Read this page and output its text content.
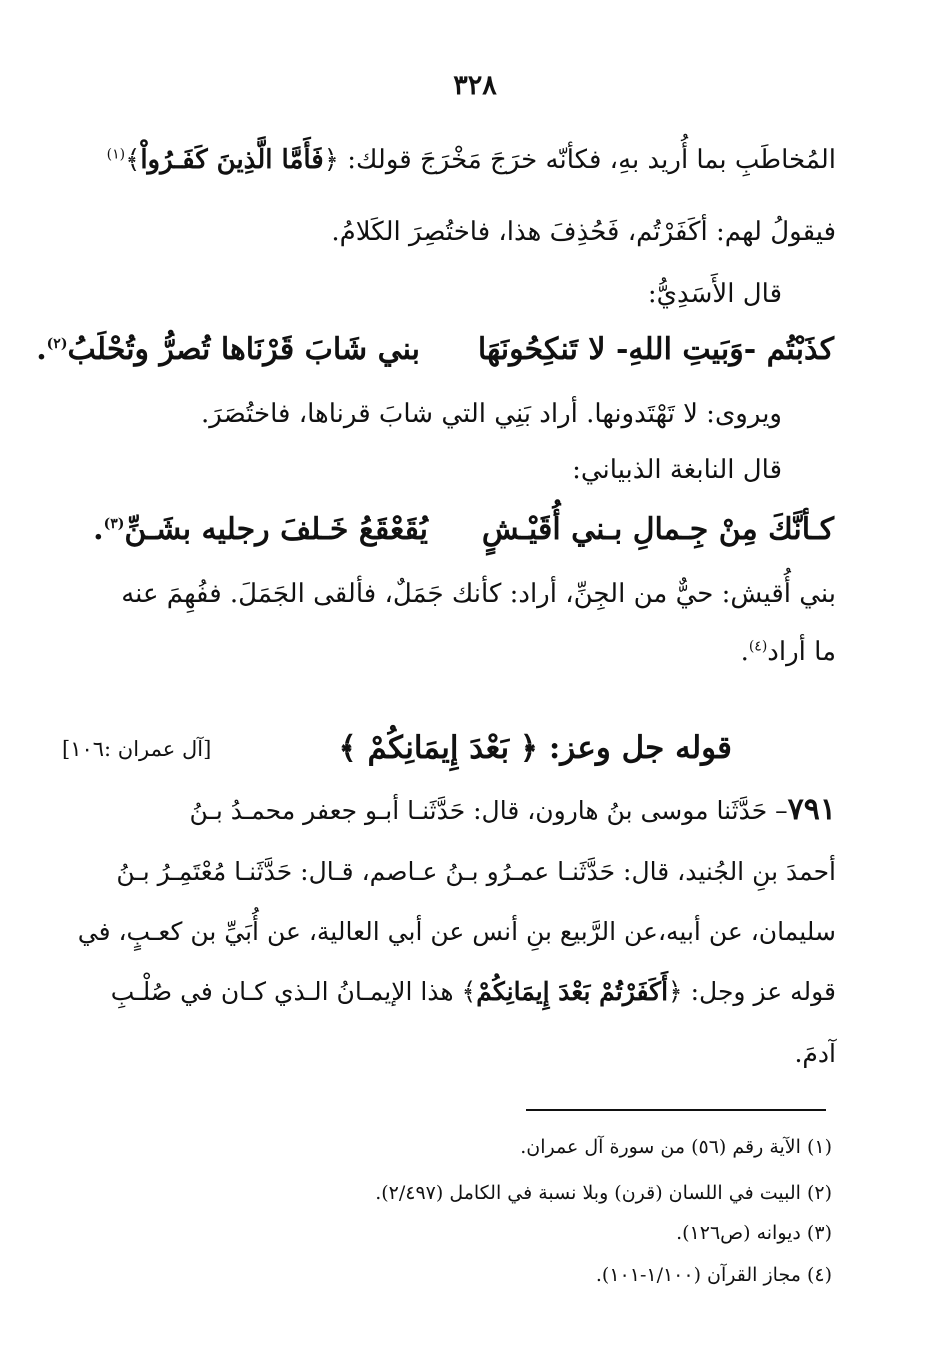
٣٢٨
المُخاطَبِ بما أُريد بهِ، فكأنّه خرَجَ مَخْرَجَ قولك: ﴿فَأَمَّا الَّذِينَ كَفَـرُواْ﴾$^{(١)}$
فيقولُ لهم: أكَفَرْتُم، فَحُذِفَ هذا، فاختُصِرَ الكَلامُ.
قال الأَسَدِيُّ:
كذَبْتُم -وَبَيتِ اللهِ- لا تَنكِحُونَهَا
بني شَابَ قَرْنَاها تُصرُّ وتُحْلَبُ$^{(٢)}$.
ويروى: لا تَهْتَدونها. أراد بَنِي التي شابَ قرناها، فاختُصَرَ.
قال النابغة الذبياني:
كـأنَّكَ مِنْ جِـمالِ بـني أُقَيْـشٍ
يُقَعْقَعُ خَـلفَ رجليه بشَـنِّ$^{(٣)}$.
بني أُقيش: حيٌّ من الجِنِّ، أراد: كأنك جَمَلٌ، فألقى الجَمَلَ. ففُهِمَ عنه
ما أراد$^{(٤)}$.
قوله جل وعز: ﴿ بَعْدَ إِيمَانِكُمْ ﴾
[آل عمران :١٠٦]
٧٩١– حَدَّثَنا موسى بنُ هارون، قال: حَدَّثَنـا أبـو جعفر محمـدُ بـنُ
أحمدَ بنِ الجُنيد، قال: حَدَّثَنـا عمـرُو بـنُ عـاصم، قـال: حَدَّثَنـا مُعْتَمِـرُ بـنُ
سليمان، عن أبيه،عن الرَّبيع بنِ أنس عن أبي العالية، عن أُبَيِّ بن كعـبٍ، في
قوله عز وجل: ﴿أَكَفَرْتُمْ بَعْدَ إِيمَانِكُمْ﴾ هذا الإيمـانُ الـذي كـان في صُلْـبِ
آدمَ.
(١) الآية رقم (٥٦) من سورة آل عمران.
(٢) البيت في اللسان (قرن) وبلا نسبة في الكامل (٢/٤٩٧).
(٣) ديوانه (ص١٢٦).
(٤) مجاز القرآن (١/١٠٠-١٠١).
